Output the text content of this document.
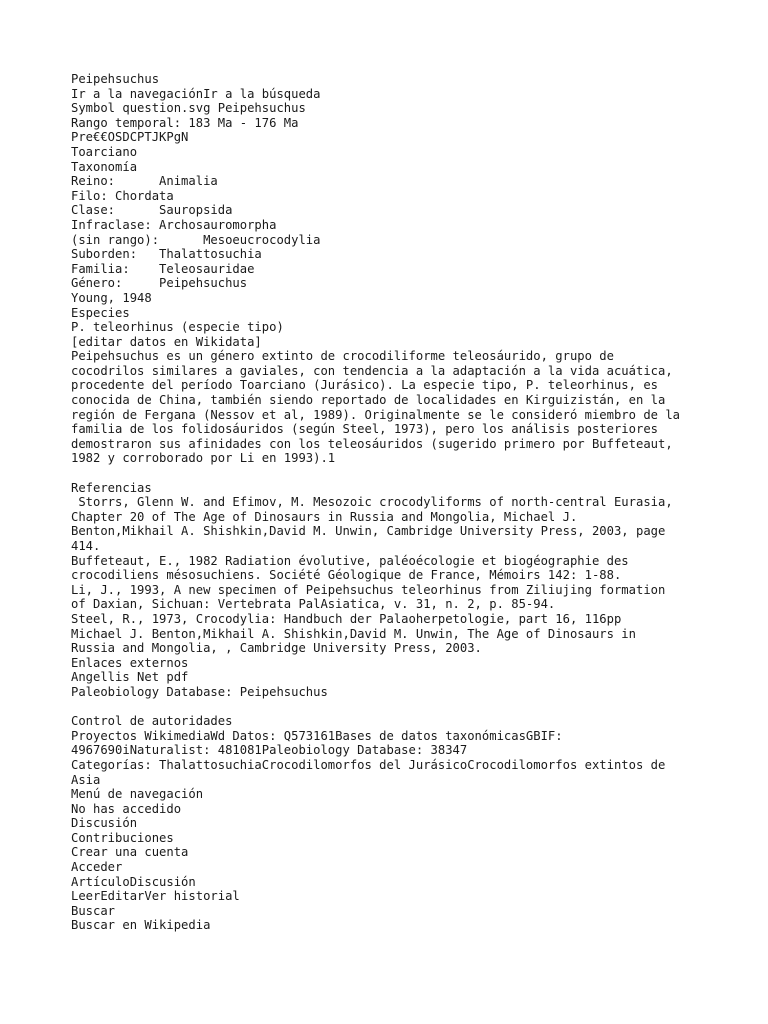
Peipehsuchus
Ir a la navegaciónIr a la búsqueda
Symbol question.svg Peipehsuchus
Rango temporal: 183 Ma - 176 Ma
Pre€€OSDCPTJKPgN
Toarciano
Taxonomía
Reino:      Animalia
Filo: Chordata
Clase:      Sauropsida
Infraclase: Archosauromorpha
(sin rango):      Mesoeucrocodylia
Suborden:   Thalattosuchia
Familia:    Teleosauridae
Género:     Peipehsuchus
Young, 1948
Especies
P. teleorhinus (especie tipo)
[editar datos en Wikidata]
Peipehsuchus es un género extinto de crocodiliforme teleosáurido, grupo de
cocodrilos similares a gaviales, con tendencia a la adaptación a la vida acuática,
procedente del período Toarciano (Jurásico). La especie tipo, P. teleorhinus, es
conocida de China, también siendo reportado de localidades en Kirguizistán, en la
región de Fergana (Nessov et al, 1989). Originalmente se le consideró miembro de la
familia de los folidosáuridos (según Steel, 1973), pero los análisis posteriores
demostraron sus afinidades con los teleosáuridos (sugerido primero por Buffeteaut,
1982 y corroborado por Li en 1993).1
Referencias
Storrs, Glenn W. and Efimov, M. Mesozoic crocodyliforms of north-central Eurasia,
Chapter 20 of The Age of Dinosaurs in Russia and Mongolia, Michael J.
Benton,Mikhail A. Shishkin,David M. Unwin, Cambridge University Press, 2003, page
414.
Buffeteaut, E., 1982 Radiation évolutive, paléoécologie et biogéographie des
crocodiliens mésosuchiens. Société Géologique de France, Mémoirs 142: 1-88.
Li, J., 1993, A new specimen of Peipehsuchus teleorhinus from Ziliujing formation
of Daxian, Sichuan: Vertebrata PalAsiatica, v. 31, n. 2, p. 85-94.
Steel, R., 1973, Crocodylia: Handbuch der Palaoherpetologie, part 16, 116pp
Michael J. Benton,Mikhail A. Shishkin,David M. Unwin, The Age of Dinosaurs in
Russia and Mongolia, , Cambridge University Press, 2003.
Enlaces externos
Angellis Net pdf
Paleobiology Database: Peipehsuchus
Control de autoridades
Proyectos WikimediaWd Datos: Q573161Bases de datos taxonómicasGBIF:
4967690iNaturalist: 481081Paleobiology Database: 38347
Categorías: ThalattosuchiaCrocodilomorfos del JurásicoCrocodilomorfos extintos de
Asia
Menú de navegación
No has accedido
Discusión
Contribuciones
Crear una cuenta
Acceder
ArtículoDiscusión
LeerEditarVer historial
Buscar
Buscar en Wikipedia
